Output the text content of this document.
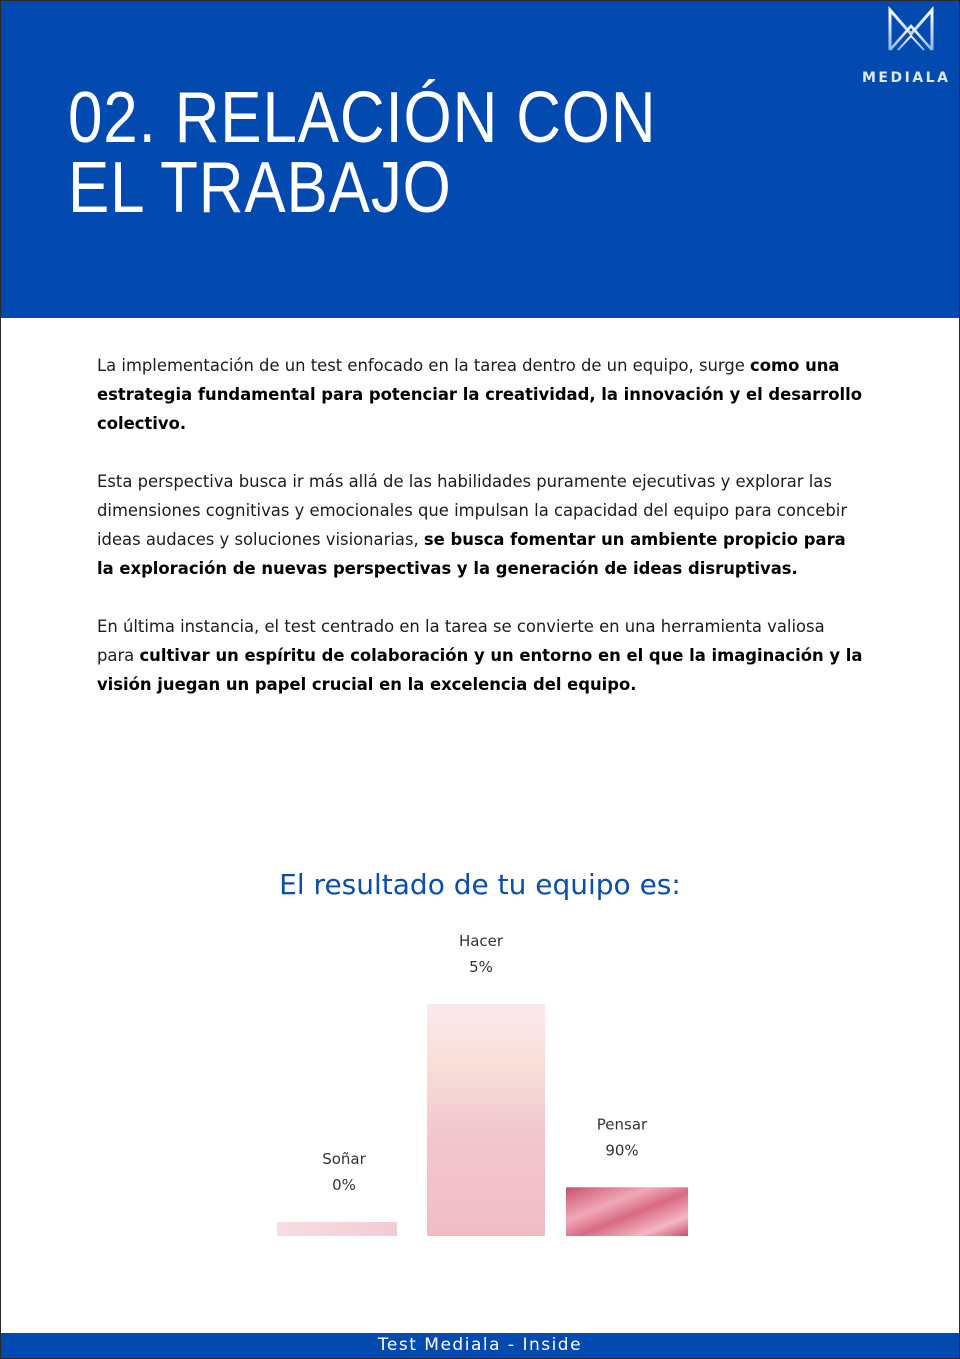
02. RELACIÓN CON
EL TRABAJO
MEDIALA

La implementación de un test enfocado en la tarea dentro de un equipo, surge como una estrategia fundamental para potenciar la creatividad, la innovación y el desarrollo colectivo.

Esta perspectiva busca ir más allá de las habilidades puramente ejecutivas y explorar las dimensiones cognitivas y emocionales que impulsan la capacidad del equipo para concebir ideas audaces y soluciones visionarias, se busca fomentar un ambiente propicio para la exploración de nuevas perspectivas y la generación de ideas disruptivas.

En última instancia, el test centrado en la tarea se convierte en una herramienta valiosa para cultivar un espíritu de colaboración y un entorno en el que la imaginación y la visión juegan un papel crucial en la excelencia del equipo.

El resultado de tu equipo es:
Soñar
0%
Hacer
5%
Pensar
90%
Test Mediala - Inside
